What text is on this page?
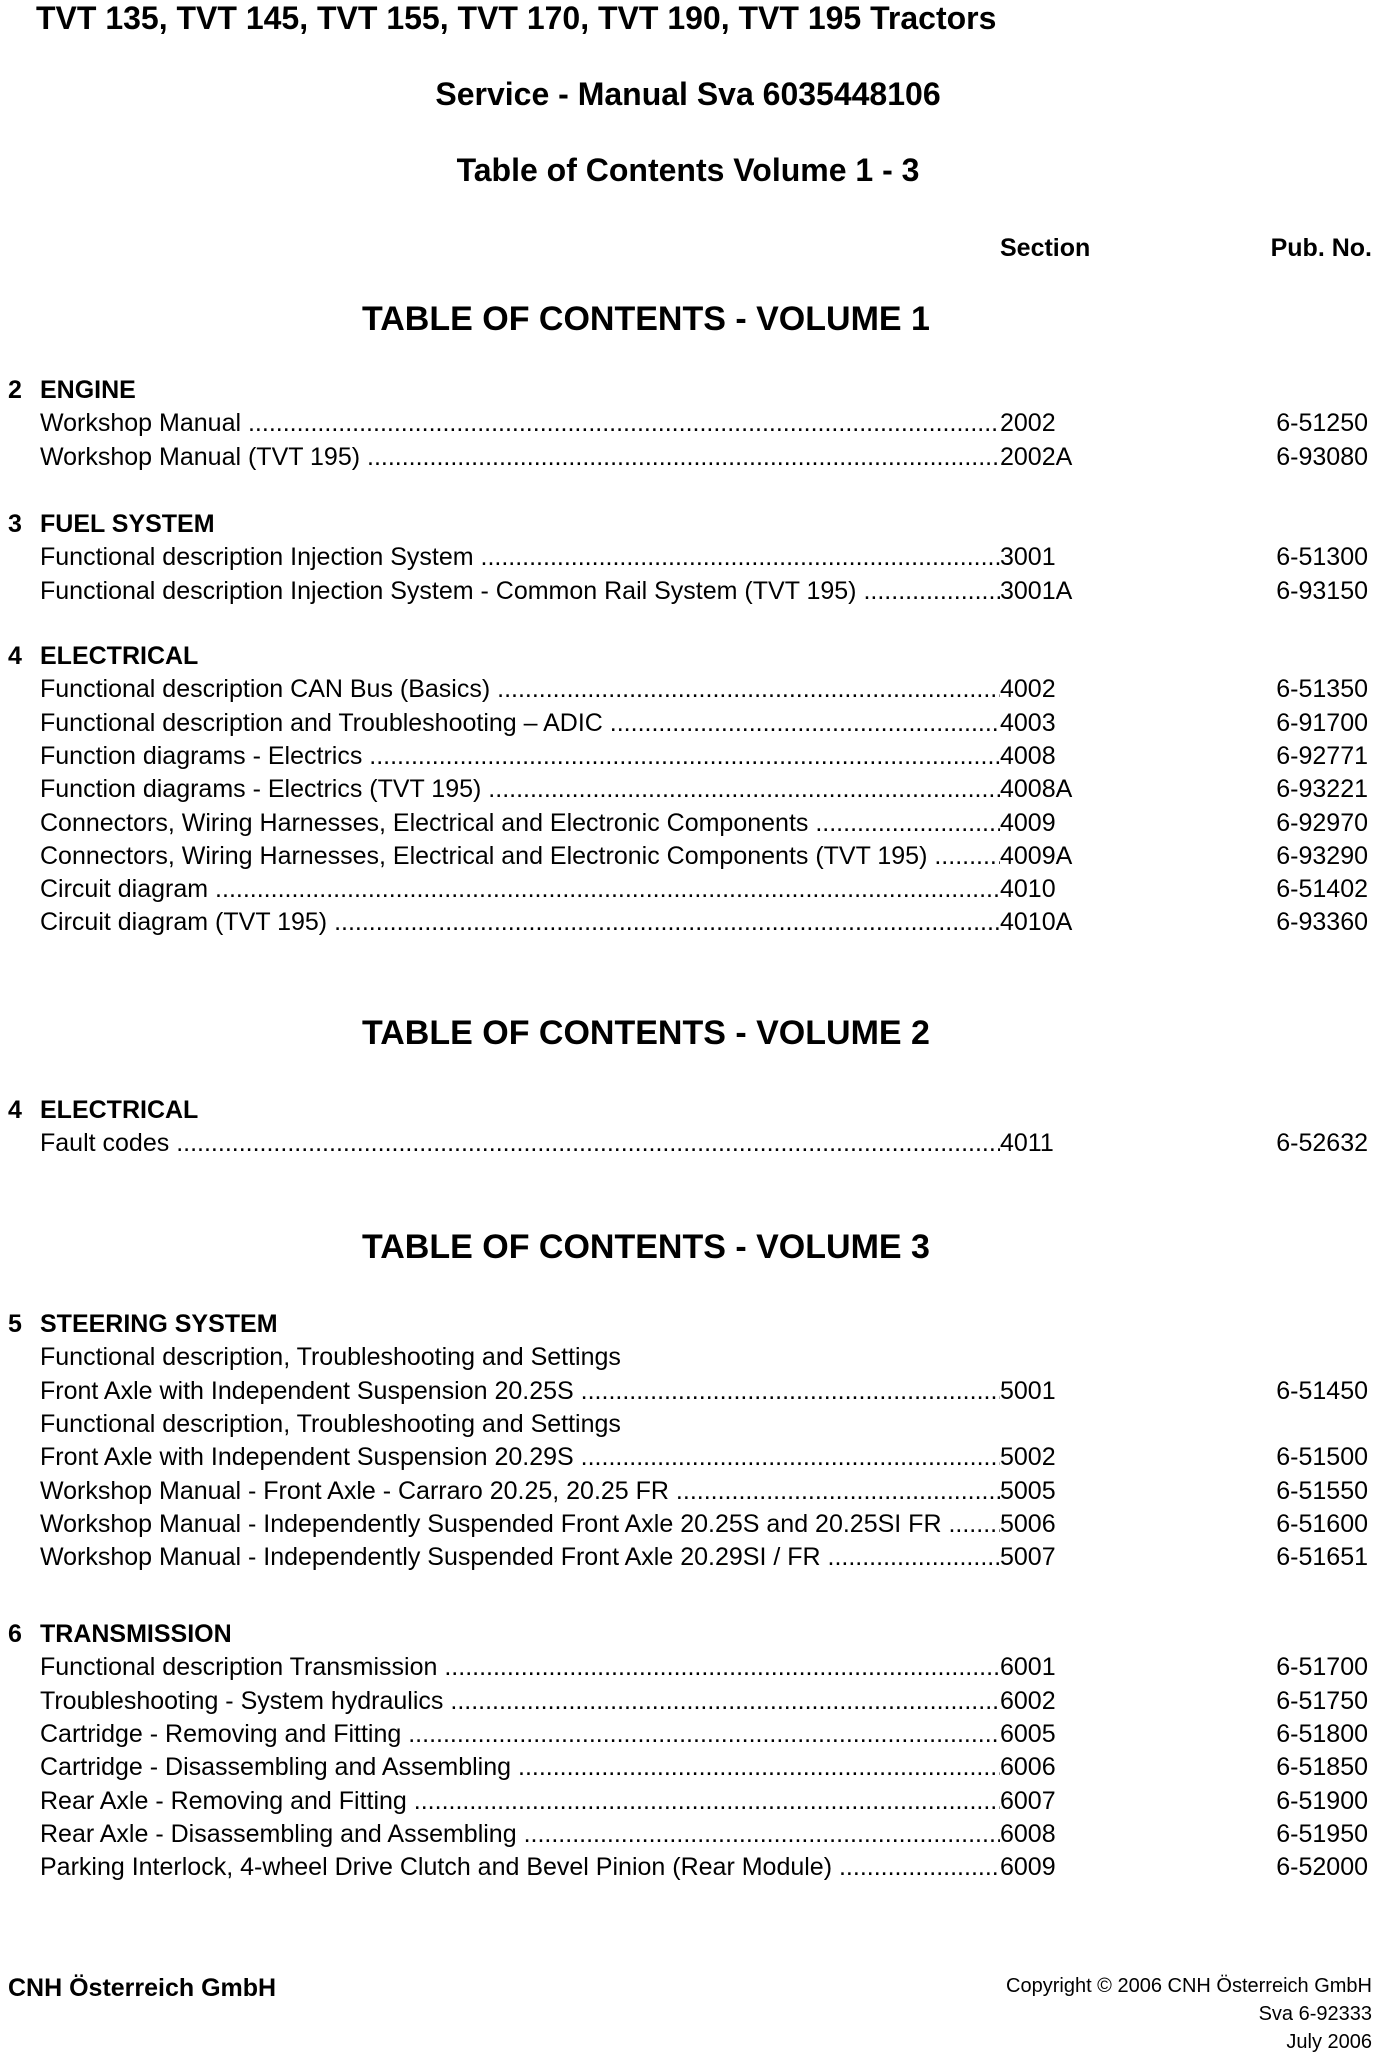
TVT 135, TVT 145, TVT 155, TVT 170, TVT 190, TVT 195 Tractors
Service - Manual Sva 6035448106
Table of Contents Volume 1 - 3
Section	Pub. No.
TABLE OF CONTENTS - VOLUME 1
2 ENGINE
Workshop Manual .....	2002	6-51250
Workshop Manual (TVT 195) .....	2002A	6-93080
3 FUEL SYSTEM
Functional description Injection System .....	3001	6-51300
Functional description Injection System - Common Rail System (TVT 195) .....	3001A	6-93150
4 ELECTRICAL
Functional description CAN Bus (Basics) .....	4002	6-51350
Functional description and Troubleshooting – ADIC .....	4003	6-91700
Function diagrams - Electrics .....	4008	6-92771
Function diagrams - Electrics (TVT 195) .....	4008A	6-93221
Connectors, Wiring Harnesses, Electrical and Electronic Components .....	4009	6-92970
Connectors, Wiring Harnesses, Electrical and Electronic Components (TVT 195) .....	4009A	6-93290
Circuit diagram .....	4010	6-51402
Circuit diagram (TVT 195) .....	4010A	6-93360
TABLE OF CONTENTS - VOLUME 2
4 ELECTRICAL
Fault codes .....	4011	6-52632
TABLE OF CONTENTS - VOLUME 3
5 STEERING SYSTEM
Functional description, Troubleshooting and Settings
Front Axle with Independent Suspension 20.25S .....	5001	6-51450
Functional description, Troubleshooting and Settings
Front Axle with Independent Suspension 20.29S .....	5002	6-51500
Workshop Manual - Front Axle - Carraro 20.25, 20.25 FR .....	5005	6-51550
Workshop Manual - Independently Suspended Front Axle 20.25S and 20.25SI FR .....	5006	6-51600
Workshop Manual - Independently Suspended Front Axle 20.29SI / FR .....	5007	6-51651
6 TRANSMISSION
Functional description Transmission .....	6001	6-51700
Troubleshooting - System hydraulics .....	6002	6-51750
Cartridge - Removing and Fitting .....	6005	6-51800
Cartridge - Disassembling and Assembling .....	6006	6-51850
Rear Axle - Removing and Fitting .....	6007	6-51900
Rear Axle - Disassembling and Assembling .....	6008	6-51950
Parking Interlock, 4-wheel Drive Clutch and Bevel Pinion (Rear Module) .....	6009	6-52000
CNH Österreich GmbH	Copyright © 2006 CNH Österreich GmbH
Sva 6-92333
July 2006
